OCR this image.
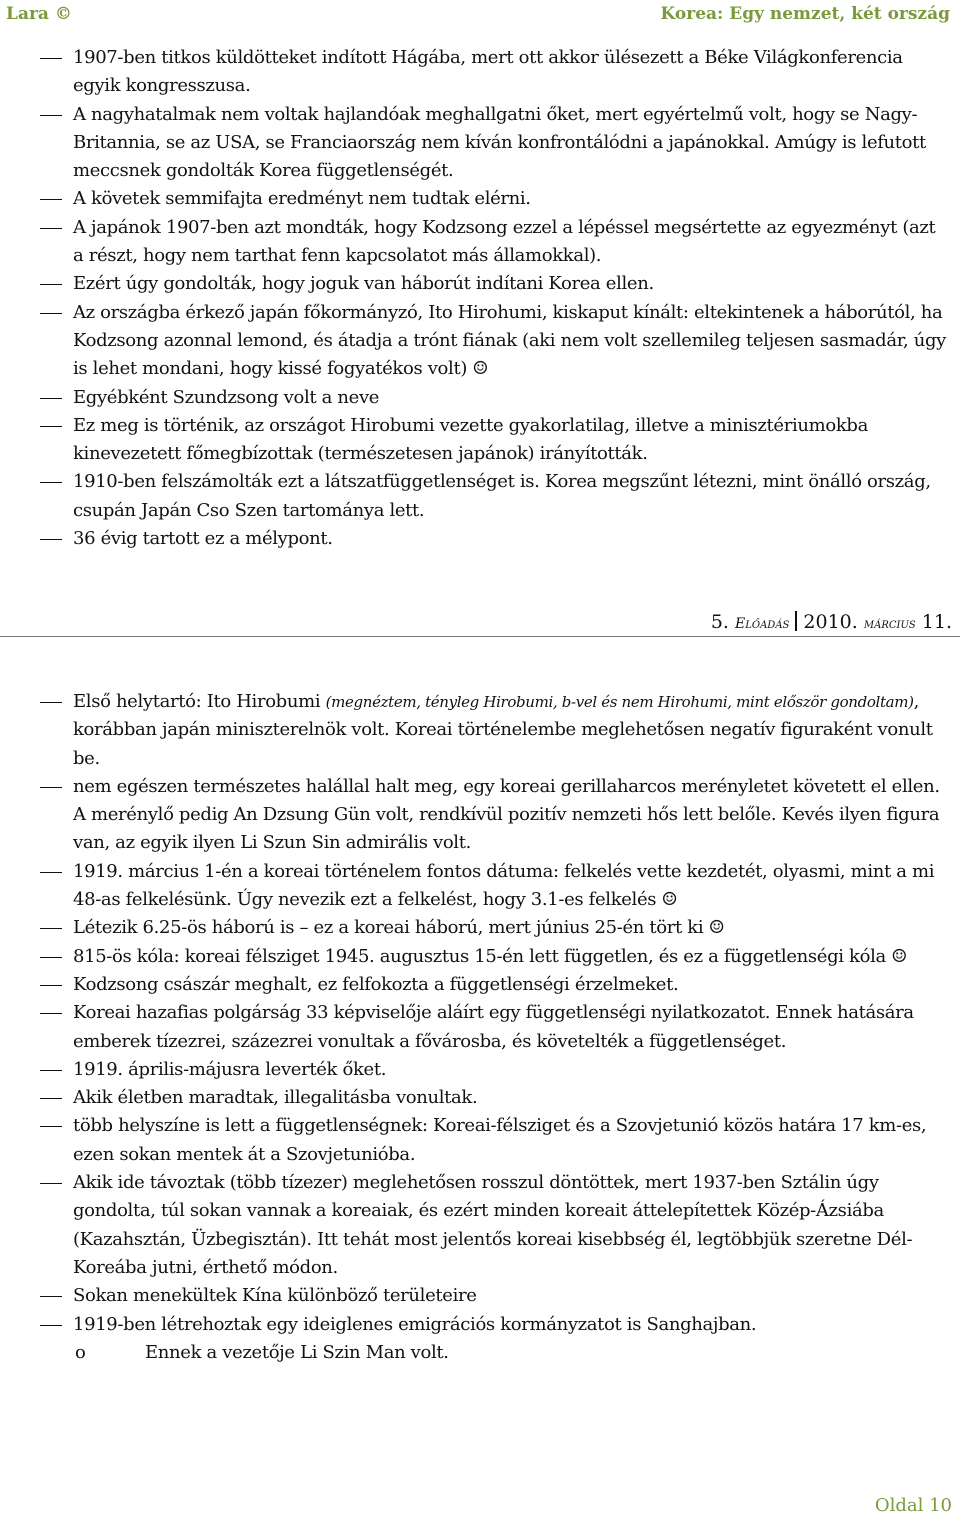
Lara ©	Korea: Egy nemzet, két ország
1907-ben titkos küldötteket indított Hágába, mert ott akkor ülésezett a Béke Világkonferencia egyik kongresszusa.
A nagyhatalmak nem voltak hajlandóak meghallgatni őket, mert egyértelmű volt, hogy se Nagy-Britannia, se az USA, se Franciaország nem kíván konfrontálódni a japánokkal. Amúgy is lefutott meccsnek gondolták Korea függetlenségét.
A követek semmifajta eredményt nem tudtak elérni.
A japánok 1907-ben azt mondták, hogy Kodzsong ezzel a lépéssel megsértette az egyezményt (azt a részt, hogy nem tarthat fenn kapcsolatot más államokkal).
Ezért úgy gondolták, hogy joguk van háborút indítani Korea ellen.
Az országba érkező japán főkormányzó, Ito Hirohumi, kiskaput kínált: eltekintenek a háborútól, ha Kodzsong azonnal lemond, és átadja a trónt fiának (aki nem volt szellemileg teljesen sasmadár, úgy is lehet mondani, hogy kissé fogyatékos volt) ☺
Egyébként Szundzsong volt a neve
Ez meg is történik, az országot Hirobumi vezette gyakorlatilag, illetve a minisztériumokba kinevezetett főmegbízottak (természetesen japánok) irányították.
1910-ben felszámolták ezt a látszatfüggetlenséget is. Korea megszűnt létezni, mint önálló ország, csupán Japán Cso Szen tartománya lett.
36 évig tartott ez a mélypont.
5. Előadás 2010. március 11.
Első helytartó: Ito Hirobumi (megnéztem, tényleg Hirobumi, b-vel és nem Hirohumi, mint először gondoltam), korábban japán miniszterelnök volt. Koreai történelembe meglehetősen negatív figuraként vonult be.
nem egészen természetes halállal halt meg, egy koreai gerillaharcos merényletet követett el ellen. A merénylő pedig An Dzsung Gün volt, rendkívül pozitív nemzeti hős lett belőle. Kevés ilyen figura van, az egyik ilyen Li Szun Sin admirális volt.
1919. március 1-én a koreai történelem fontos dátuma: felkelés vette kezdetét, olyasmi, mint a mi 48-as felkelésünk. Úgy nevezik ezt a felkelést, hogy 3.1-es felkelés ☺
Létezik 6.25-ös háború is – ez a koreai háború, mert június 25-én tört ki ☺
815-ös kóla: koreai félsziget 1945. augusztus 15-én lett független, és ez a függetlenségi kóla ☺
Kodzsong császár meghalt, ez felfokozta a függetlenségi érzelmeket.
Koreai hazafias polgárság 33 képviselője aláírt egy függetlenségi nyilatkozatot. Ennek hatására emberek tízezrei, százezrei vonultak a fővárosba, és követelték a függetlenséget.
1919. április-májusra leverték őket.
Akik életben maradtak, illegalitásba vonultak.
több helyszíne is lett a függetlenségnek: Koreai-félsziget és a Szovjetunió közös határa 17 km-es, ezen sokan mentek át a Szovjetunióba.
Akik ide távoztak (több tízezer) meglehetősen rosszul döntöttek, mert 1937-ben Sztálin úgy gondolta, túl sokan vannak a koreaiak, és ezért minden koreait áttelepítettek Közép-Ázsiába (Kazahsztán, Üzbegisztán). Itt tehát most jelentős koreai kisebbség él, legtöbbjük szeretne Dél-Koreába jutni, érthető módon.
Sokan menekültek Kína különböző területeire
1919-ben létrehoztak egy ideiglenes emigrációs kormányzatot is Sanghajban.
o	Ennek a vezetője Li Szin Man volt.
Oldal 10
